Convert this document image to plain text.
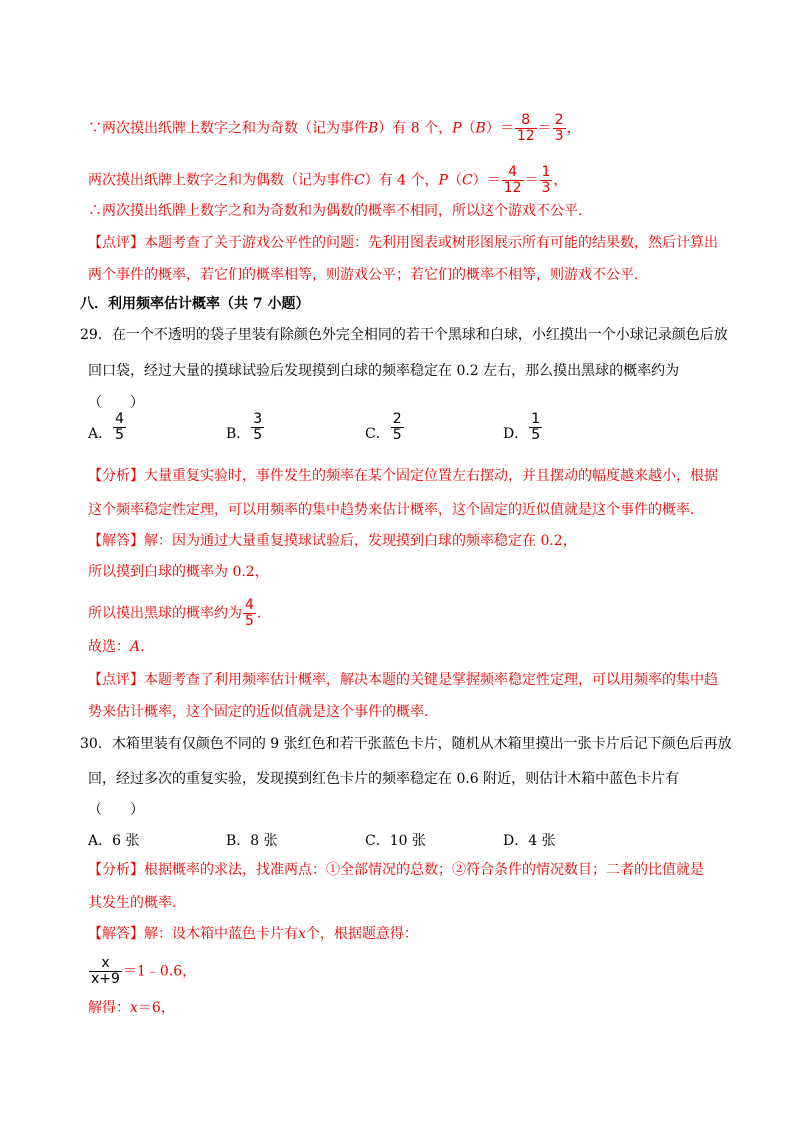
∵两次摸出纸牌上数字之和为奇数（记为事件B）有 8 个，$P(B)= \frac{8}{12} = \frac{2}{3}$ ，
两次摸出纸牌上数字之和为偶数（记为事件C）有 4 个，$P(C)= \frac{4}{12} = \frac{1}{3}$ ，
∴两次摸出纸牌上数字之和为奇数和为偶数的概率不相同，所以这个游戏不公平.
【点评】本题考查了关于游戏公平性的问题：先利用图表或树形图展示所有可能的结果数，然后计算出
两个事件的概率，若它们的概率相等，则游戏公平；若它们的概率不相等，则游戏不公平.
八．利用频率估计概率（共 7 小题）
29．在一个不透明的袋子里装有除颜色外完全相同的若干个黑球和白球，小红摸出一个小球记录颜色后放
回口袋，经过大量的摸球试验后发现摸到白球的频率稳定在 0.2 左右，那么摸出黑球的概率约为
（　　）
A． $\frac{4}{5}$	B． $\frac{3}{5}$	C． $\frac{2}{5}$	D． $\frac{1}{5}$
【分析】大量重复实验时，事件发生的频率在某个固定位置左右摆动，并且摆动的幅度越来越小，根据
这个频率稳定性定理，可以用频率的集中趋势来估计概率，这个固定的近似值就是这个事件的概率.
【解答】解：因为通过大量重复摸球试验后，发现摸到白球的频率稳定在 0.2，
所以摸到白球的概率为 0.2，
所以摸出黑球的概率约为 $\frac{4}{5}$ .
故选：A.
【点评】本题考查了利用频率估计概率，解决本题的关键是掌握频率稳定性定理，可以用频率的集中趋
势来估计概率，这个固定的近似值就是这个事件的概率.
30．木箱里装有仅颜色不同的 9 张红色和若干张蓝色卡片，随机从木箱里摸出一张卡片后记下颜色后再放
回，经过多次的重复实验，发现摸到红色卡片的频率稳定在 0.6 附近，则估计木箱中蓝色卡片有
（　　）
A．6 张	B．8 张	C．10 张	D．4 张
【分析】根据概率的求法，找准两点：①全部情况的总数；②符合条件的情况数目；二者的比值就是
其发生的概率.
【解答】解：设木箱中蓝色卡片有x个，根据题意得：
$\frac{x}{x+9}$ ＝1﹣0.6，
解得：x＝6，
